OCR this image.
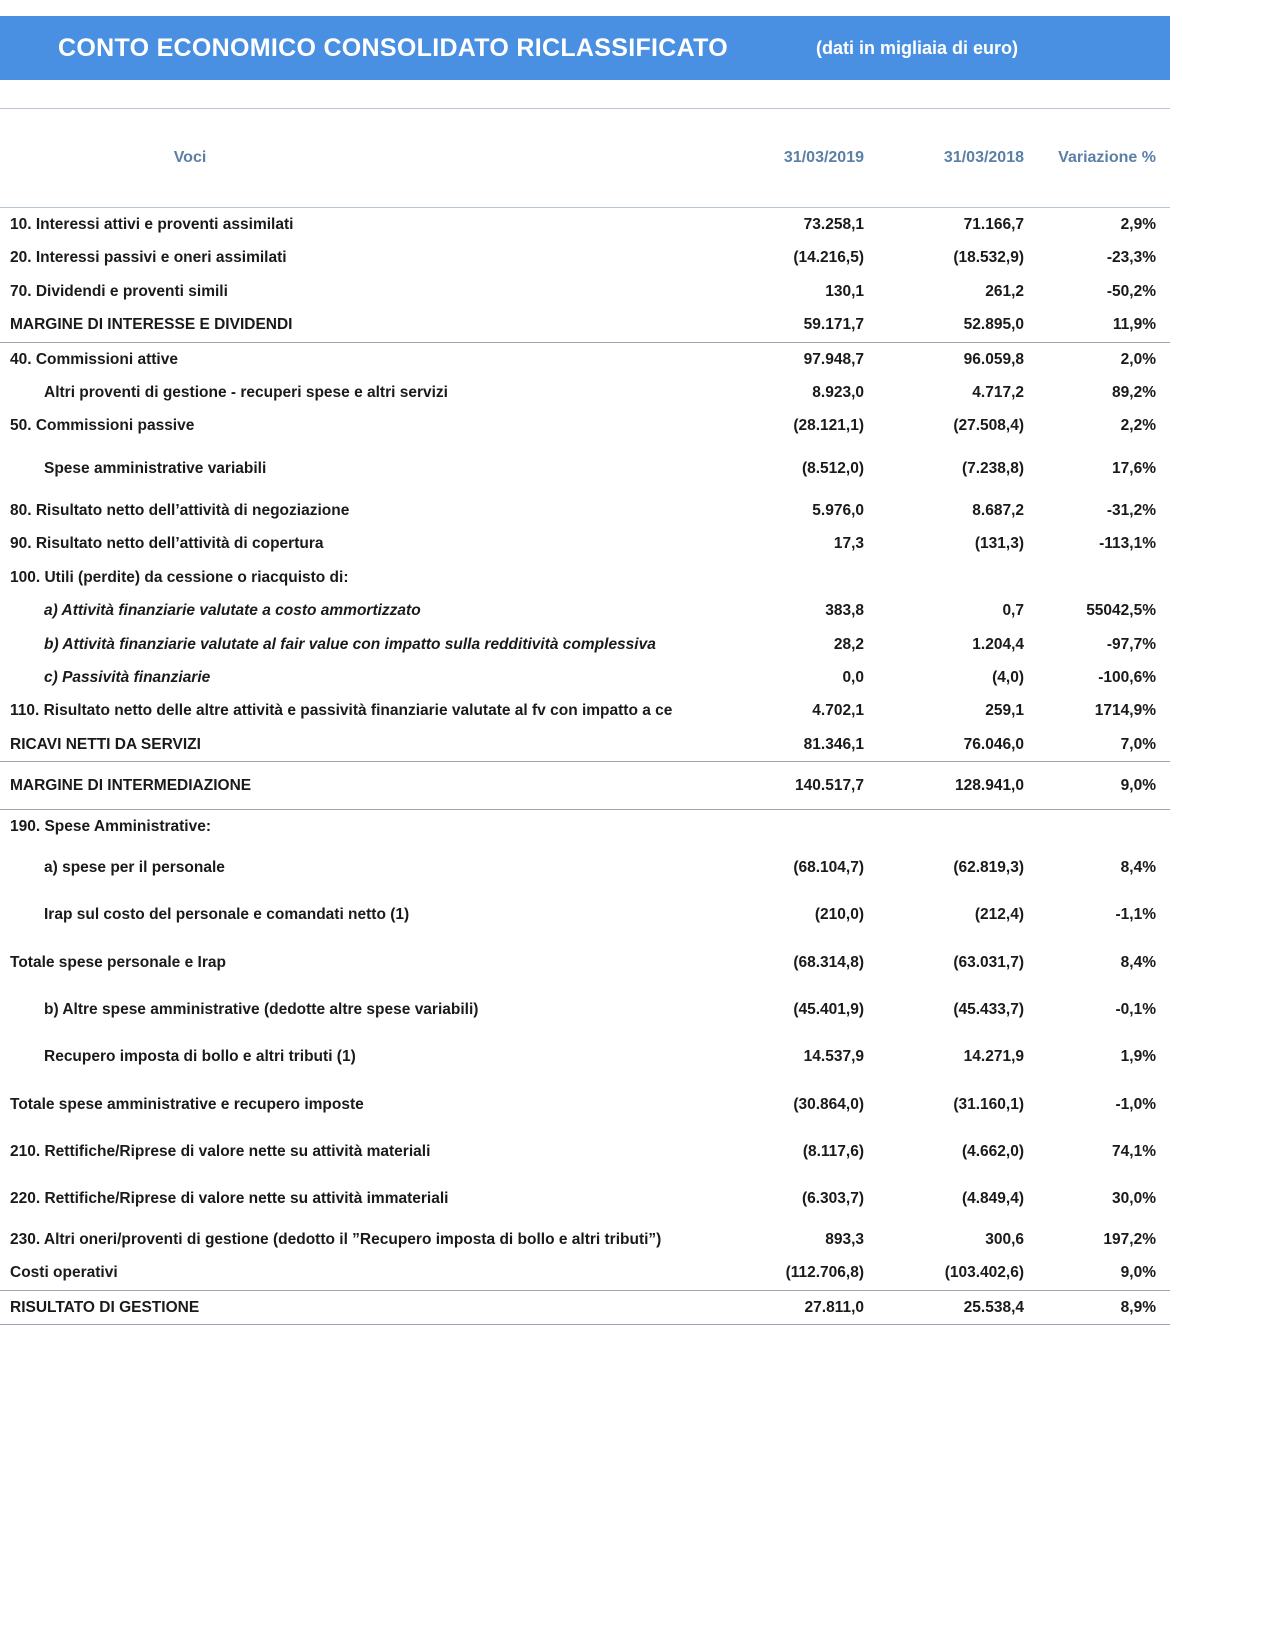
CONTO ECONOMICO CONSOLIDATO RICLASSIFICATO	(dati in migliaia di euro)
Voci	31/03/2019	31/03/2018	Variazione %
10. Interessi attivi e proventi assimilati	73.258,1	71.166,7	2,9%
20. Interessi passivi e oneri assimilati	(14.216,5)	(18.532,9)	-23,3%
70. Dividendi e proventi simili	130,1	261,2	-50,2%
MARGINE DI INTERESSE E DIVIDENDI	59.171,7	52.895,0	11,9%
40. Commissioni attive	97.948,7	96.059,8	2,0%
Altri proventi di gestione - recuperi spese e altri servizi	8.923,0	4.717,2	89,2%
50. Commissioni passive	(28.121,1)	(27.508,4)	2,2%
Spese amministrative variabili	(8.512,0)	(7.238,8)	17,6%
80. Risultato netto dell’attività di negoziazione	5.976,0	8.687,2	-31,2%
90. Risultato netto dell’attività di copertura	17,3	(131,3)	-113,1%
100. Utili (perdite) da cessione o riacquisto di:			
a) Attività finanziarie valutate a costo ammortizzato	383,8	0,7	55042,5%
b) Attività finanziarie valutate al fair value con impatto sulla redditività complessiva	28,2	1.204,4	-97,7%
c) Passività finanziarie	0,0	(4,0)	-100,6%
110. Risultato netto delle altre attività e passività finanziarie valutate al fv con impatto a ce	4.702,1	259,1	1714,9%
RICAVI NETTI DA SERVIZI	81.346,1	76.046,0	7,0%
MARGINE DI INTERMEDIAZIONE	140.517,7	128.941,0	9,0%
190. Spese Amministrative:			
a) spese per il personale	(68.104,7)	(62.819,3)	8,4%
Irap sul costo del personale e comandati netto (1)	(210,0)	(212,4)	-1,1%
Totale spese personale e Irap	(68.314,8)	(63.031,7)	8,4%
b) Altre spese amministrative (dedotte altre spese variabili)	(45.401,9)	(45.433,7)	-0,1%
Recupero imposta di bollo e altri tributi (1)	14.537,9	14.271,9	1,9%
Totale spese amministrative e recupero imposte	(30.864,0)	(31.160,1)	-1,0%
210. Rettifiche/Riprese di valore nette su attività materiali	(8.117,6)	(4.662,0)	74,1%
220. Rettifiche/Riprese di valore nette su attività immateriali	(6.303,7)	(4.849,4)	30,0%
230. Altri oneri/proventi di gestione (dedotto il ”Recupero imposta di bollo e altri tributi”)	893,3	300,6	197,2%
Costi operativi	(112.706,8)	(103.402,6)	9,0%
RISULTATO DI GESTIONE	27.811,0	25.538,4	8,9%
